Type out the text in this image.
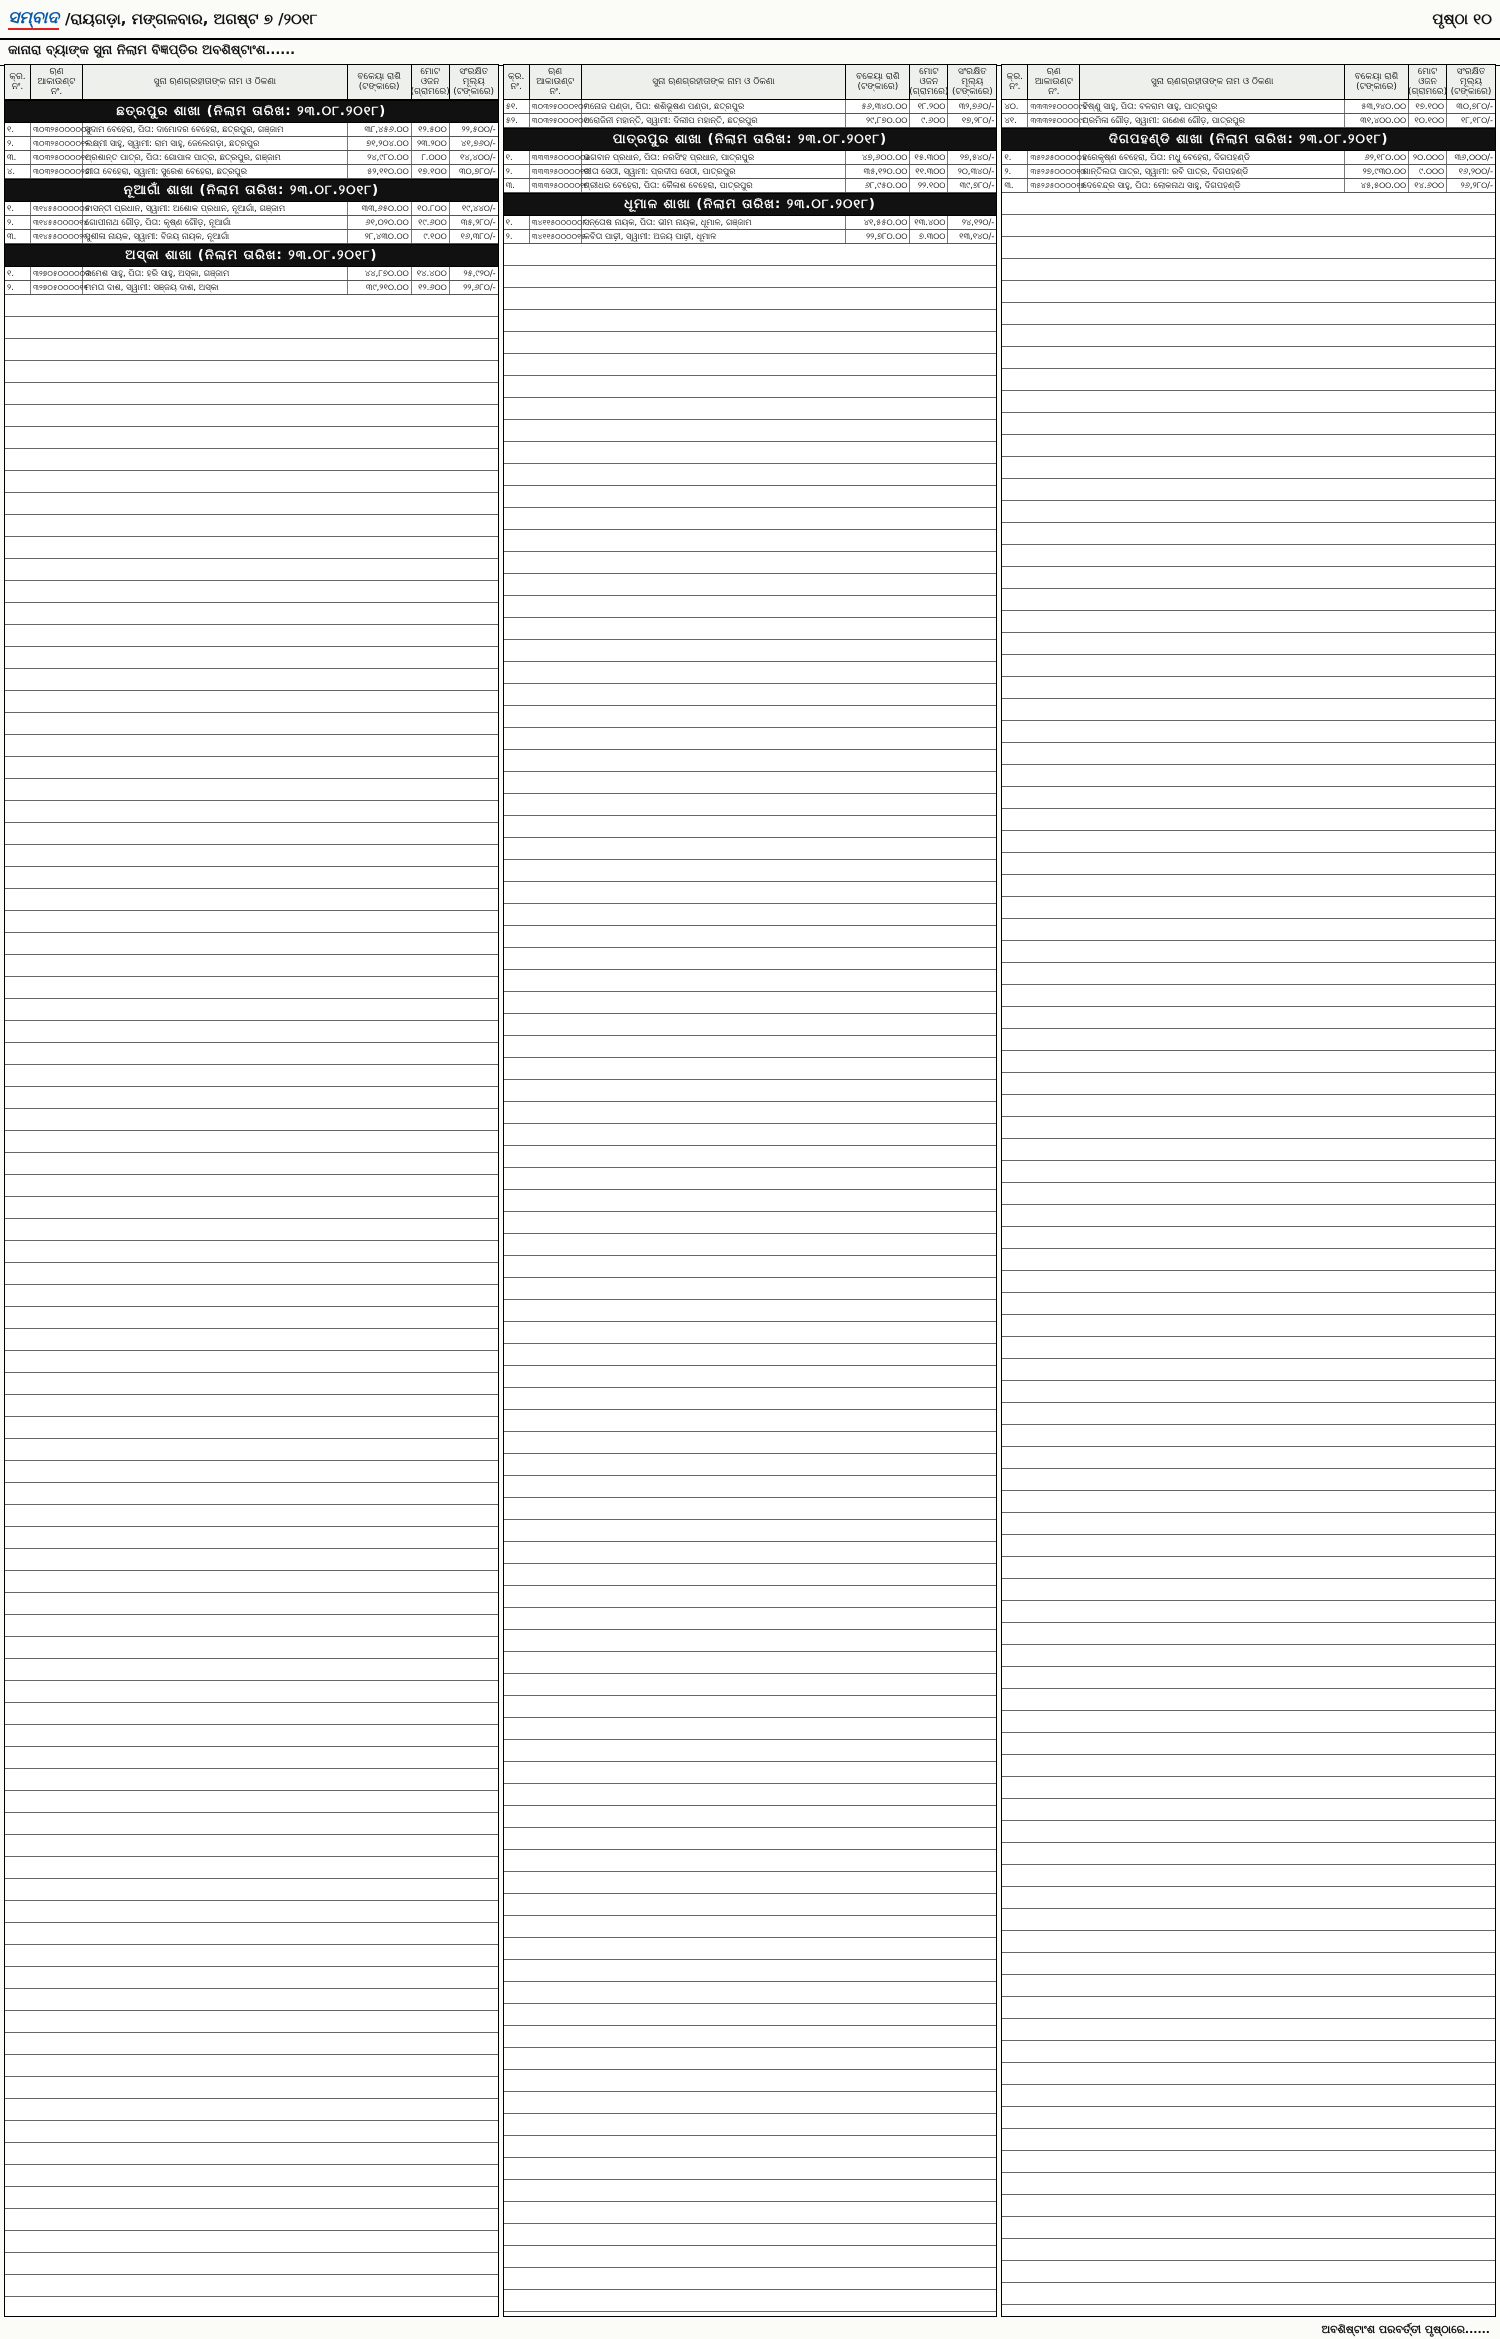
ସମ୍ବାଦ /ରାୟଗଡ଼ା, ମଙ୍ଗଳବାର, ଅଗଷ୍ଟ ୭ /୨୦୧୮	ପୃଷ୍ଠା ୧୦
କାନାରା ବ୍ୟାଙ୍କ ସୁନା ନିଲାମ ବିଜ୍ଞପ୍ତିର ଅବଶିଷ୍ଟାଂଶ......
କ୍ର. ନଂ.
ଋଣ ଆକାଉଣ୍ଟ ନଂ.
ସୁନା ଋଣଗ୍ରହୀତାଙ୍କ ନାମ ଓ ଠିକଣା	ବକେୟା ରାଶି (ଟଙ୍କାରେ)
ମୋଟ ଓଜନ (ଗ୍ରାମରେ)
ସଂରକ୍ଷିତ ମୂଲ୍ୟ (ଟଙ୍କାରେ)
ଛତ୍ରପୁର ଶାଖା (ନିଲାମ ତାରିଖ: ୨୩.୦୮.୨୦୧୮)
୧.	୩୦୩୨୫୦୦୦୦୦୪
ସୁଦାମ ବେହେରା, ପିତା: ଦାମୋଦର ବେହେରା, ଛତ୍ରପୁର, ଗଞ୍ଜାମ	୩୮,୪୫୬.୦୦	୧୨.୫୦୦	୨୨,୫୦୦/-
୨.	୩୦୩୨୫୦୦୦୦୧୨
ଲକ୍ଷ୍ମୀ ସାହୁ, ସ୍ୱାମୀ: ରାମ ସାହୁ, ଜେଲେଗଡ଼ା, ଛତ୍ରପୁର	୭୧,୨୦୪.୦୦ ୨୩.୨୦୦	୪୧,୭୬୦/-
୩.	୩୦୩୨୫୦୦୦୦୧୯
ପ୍ରଶାନ୍ତ ପାତ୍ର, ପିତା: ଗୋପାଳ ପାତ୍ର, ଛତ୍ରପୁର, ଗଞ୍ଜାମ	୨୪,୯୮୦.୦୦	୮.୦୦୦	୧୪,୪୦୦/-
୪.	୩୦୩୨୫୦୦୦୦୨୬
ଗୀତା ବେହେରା, ସ୍ୱାମୀ: ସୁରେଶ ବେହେରା, ଛତ୍ରପୁର	୫୨,୧୧୦.୦୦	୧୭.୧୦୦	୩୦,୭୮୦/-
ନୂଆଗାଁ ଶାଖା (ନିଲାମ ତାରିଖ: ୨୩.୦୮.୨୦୧୮)
୧.	୩୧୪୫୫୦୦୦୦୦୭
ବାସନ୍ତୀ ପ୍ରଧାନ, ସ୍ୱାମୀ: ଅଶୋକ ପ୍ରଧାନ, ନୂଆଗାଁ, ଗଞ୍ଜାମ	୩୩,୬୫୦.୦୦	୧୦.୮୦୦	୧୯,୪୪୦/-
୨.	୩୧୪୫୫୦୦୦୦୧୪
ଗୋପୀନାଥ ଗୌଡ଼, ପିତା: କୃଷ୍ଣ ଗୌଡ଼, ନୂଆଗାଁ	୬୧,୦୨୦.୦୦	୧୯.୬୦୦	୩୫,୨୮୦/-
୩.	୩୧୪୫୫୦୦୦୦୨୧
ସୁଶୀଳା ନାୟକ, ସ୍ୱାମୀ: ବିଜୟ ନାୟକ, ନୂଆଗାଁ	୨୮,୪୩୦.୦୦	୯.୧୦୦	୧୬,୩୮୦/-
ଅସ୍କା ଶାଖା (ନିଲାମ ତାରିଖ: ୨୩.୦୮.୨୦୧୮)
୧.	୩୨୭୦୫୦୦୦୦୦୩
ରମେଶ ସାହୁ, ପିତା: ହରି ସାହୁ, ଅସ୍କା, ଗଞ୍ଜାମ	୪୪,୮୭୦.୦୦ ୧୪.୪୦୦	୨୫,୯୨୦/-
୨.	୩୨୭୦୫୦୦୦୦୧୧
ମମତା ଦାଶ, ସ୍ୱାମୀ: ସଞ୍ଜୟ ଦାଶ, ଅସ୍କା	୩୯,୨୧୦.୦୦	୧୨.୬୦୦	୨୨,୬୮୦/-
କ୍ର. ନଂ.
ଋଣ ଆକାଉଣ୍ଟ ନଂ.
ସୁନା ଋଣଗ୍ରହୀତାଙ୍କ ନାମ ଓ ଠିକଣା	ବକେୟା ରାଶି (ଟଙ୍କାରେ)
ମୋଟ ଓଜନ (ଗ୍ରାମରେ)
ସଂରକ୍ଷିତ ମୂଲ୍ୟ (ଟଙ୍କାରେ)
୫୧.	୩୦୩୨୫୦୦୦୧୦୨
ମନୋଜ ପଣ୍ଡା, ପିତା: ଶଶିଭୂଷଣ ପଣ୍ଡା, ଛତ୍ରପୁର	୫୬,୩୪୦.୦୦	୧୮.୨୦୦	୩୨,୭୬୦/-
୫୨.	୩୦୩୨୫୦୦୦୧୦୯
ସରୋଜିନୀ ମହାନ୍ତି, ସ୍ୱାମୀ: ଦିଲୀପ ମହାନ୍ତି, ଛତ୍ରପୁର	୨୯,୮୭୦.୦୦	୯.୬୦୦	୧୭,୨୮୦/-
ପାତ୍ରପୁର ଶାଖା (ନିଲାମ ତାରିଖ: ୨୩.୦୮.୨୦୧୮)
୧.	୩୩୩୨୫୦୦୦୦୦୫
ଭଗବାନ ପ୍ରଧାନ, ପିତା: ନରସିଂହ ପ୍ରଧାନ, ପାତ୍ରପୁର	୪୭,୬୦୦.୦୦ ୧୫.୩୦୦	୨୭,୫୪୦/-
୨.	୩୩୩୨୫୦୦୦୦୧୩
ରୀତା ସେଠୀ, ସ୍ୱାମୀ: ପ୍ରଦୀପ ସେଠୀ, ପାତ୍ରପୁର	୩୫,୧୨୦.୦୦ ୧୧.୩୦୦	୨୦,୩୪୦/-
୩.	୩୩୩୨୫୦୦୦୦୧୮
ଶ୍ରୀଧର ବେହେରା, ପିତା: କୈଳାଶ ବେହେରା, ପାତ୍ରପୁର	୬୮,୯୫୦.୦୦	୨୨.୧୦୦	୩୯,୭୮୦/-
ଧୂମାଳ ଶାଖା (ନିଲାମ ତାରିଖ: ୨୩.୦୮.୨୦୧୮)
୧.	୩୪୧୧୫୦୦୦୦୦୮
ସନ୍ତୋଷ ନାୟକ, ପିତା: ଭୀମ ନାୟକ, ଧୂମାଳ, ଗଞ୍ଜାମ	୪୧,୫୫୦.୦୦ ୧୩.୪୦୦	୨୪,୧୨୦/-
୨.	୩୪୧୧୫୦୦୦୦୧୫
କବିତା ପାଢ଼ୀ, ସ୍ୱାମୀ: ଅଜୟ ପାଢ଼ୀ, ଧୂମାଳ	୨୨,୭୮୦.୦୦	୭.୩୦୦	୧୩,୧୪୦/-
କ୍ର. ନଂ.
ଋଣ ଆକାଉଣ୍ଟ ନଂ.
ସୁନା ଋଣଗ୍ରହୀତାଙ୍କ ନାମ ଓ ଠିକଣା	ବକେୟା ରାଶି (ଟଙ୍କାରେ)
ମୋଟ ଓଜନ (ଗ୍ରାମରେ)
ସଂରକ୍ଷିତ ମୂଲ୍ୟ (ଟଙ୍କାରେ)
୪୦.	୩୩୩୨୫୦୦୦୦୯୪
ବିଷ୍ଣୁ ସାହୁ, ପିତା: ବଳରାମ ସାହୁ, ପାତ୍ରପୁର	୫୩,୨୪୦.୦୦	୧୭.୧୦୦	୩୦,୭୮୦/-
୪୧.	୩୩୩୨୫୦୦୦୦୯୮
ପ୍ରମିଳା ଗୌଡ଼, ସ୍ୱାମୀ: ଗଣେଶ ଗୌଡ଼, ପାତ୍ରପୁର	୩୧,୪୦୦.୦୦	୧୦.୧୦୦	୧୮,୧୮୦/-
ଦିଗପହଣ୍ଡି ଶାଖା (ନିଲାମ ତାରିଖ: ୨୩.୦୮.୨୦୧୮)
୧.	୩୫୨୬୫୦୦୦୦୦୪
ହରେକୃଷ୍ଣ ବେହେରା, ପିତା: ମଧୁ ବେହେରା, ଦିଗପହଣ୍ଡି	୬୨,୧୮୦.୦୦ ୨୦.୦୦୦	୩୬,୦୦୦/-
୨.	୩୫୨୬୫୦୦୦୦୧୦
ଶାନ୍ତିଲତା ପାତ୍ର, ସ୍ୱାମୀ: ରବି ପାତ୍ର, ଦିଗପହଣ୍ଡି	୨୭,୯୩୦.୦୦	୯.୦୦୦	୧୬,୨୦୦/-
୩.	୩୫୨୬୫୦୦୦୦୧୭
ଦେବେନ୍ଦ୍ର ସାହୁ, ପିତା: ଲୋକନାଥ ସାହୁ, ଦିଗପହଣ୍ଡି	୪୫,୫୦୦.୦୦ ୧୪.୬୦୦	୨୬,୨୮୦/-
ଅବଶିଷ୍ଟାଂଶ ପରବର୍ତ୍ତୀ ପୃଷ୍ଠାରେ......
